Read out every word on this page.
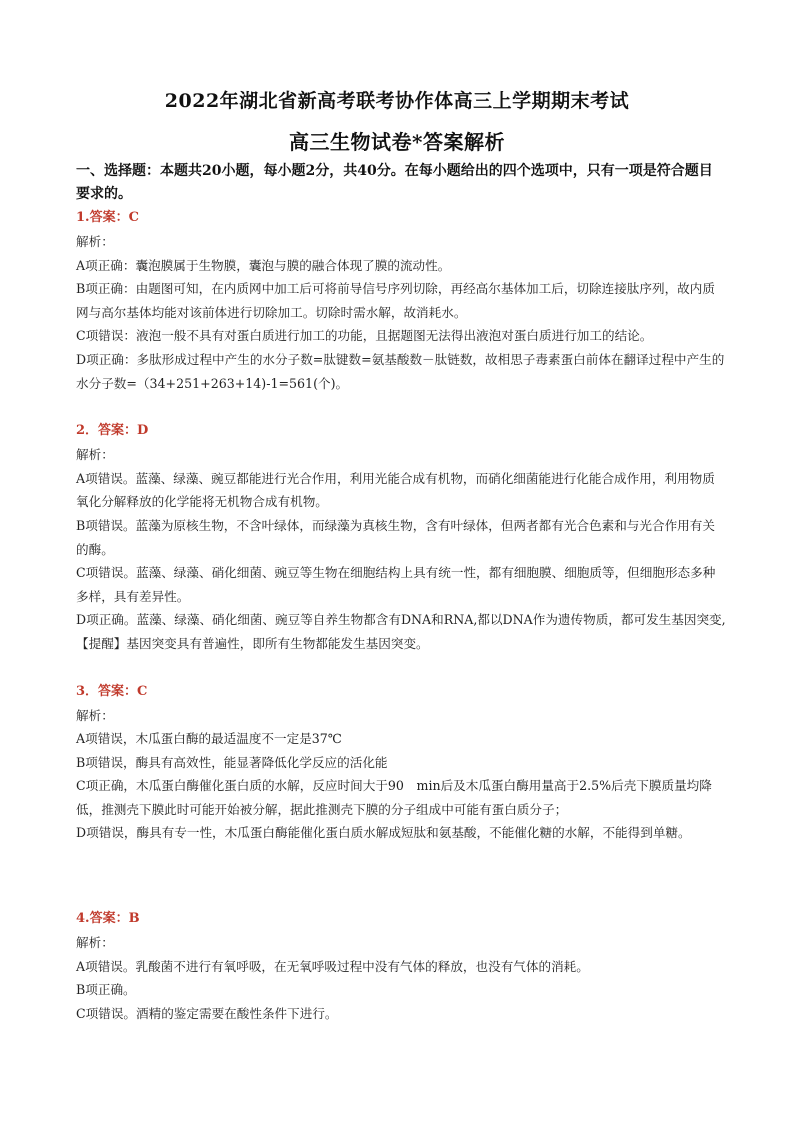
2022年湖北省新高考联考协作体高三上学期期末考试
高三生物试卷*答案解析
一、选择题：本题共20小题，每小题2分，共40分。在每小题给出的四个选项中，只有一项是符合题目要求的。
1.答案：C
解析：
A项正确：囊泡膜属于生物膜，囊泡与膜的融合体现了膜的流动性。
B项正确：由题图可知，在内质网中加工后可将前导信号序列切除，再经高尔基体加工后，切除连接肽序列，故内质网与高尔基体均能对该前体进行切除加工。切除时需水解，故消耗水。
C项错误：液泡一般不具有对蛋白质进行加工的功能，且据题图无法得出液泡对蛋白质进行加工的结论。
D项正确：多肽形成过程中产生的水分子数=肽键数=氨基酸数－肽链数，故相思子毒素蛋白前体在翻译过程中产生的水分子数=（34+251+263+14)-1=561(个)。
2．答案：D
解析：
A项错误。蓝藻、绿藻、豌豆都能进行光合作用，利用光能合成有机物，而硝化细菌能进行化能合成作用，利用物质氧化分解释放的化学能将无机物合成有机物。
B项错误。蓝藻为原核生物，不含叶绿体，而绿藻为真核生物，含有叶绿体，但两者都有光合色素和与光合作用有关的酶。
C项错误。蓝藻、绿藻、硝化细菌、豌豆等生物在细胞结构上具有统一性，都有细胞膜、细胞质等，但细胞形态多种多样，具有差异性。
D项正确。蓝藻、绿藻、硝化细菌、豌豆等自养生物都含有DNA和RNA,都以DNA作为遗传物质，都可发生基因突变,【提醒】基因突变具有普遍性，即所有生物都能发生基因突变。
3．答案：C
解析：
A项错误，木瓜蛋白酶的最适温度不一定是37℃
B项错误，酶具有高效性，能显著降低化学反应的活化能
C项正确，木瓜蛋白酶催化蛋白质的水解，反应时间大于90　min后及木瓜蛋白酶用量高于2.5%后壳下膜质量均降低，推测壳下膜此时可能开始被分解，据此推测壳下膜的分子组成中可能有蛋白质分子；
D项错误，酶具有专一性，木瓜蛋白酶能催化蛋白质水解成短肽和氨基酸，不能催化糖的水解，不能得到单糖。
4.答案：B
解析：
A项错误。乳酸菌不进行有氧呼吸，在无氧呼吸过程中没有气体的释放，也没有气体的消耗。
B项正确。
C项错误。酒精的鉴定需要在酸性条件下进行。
